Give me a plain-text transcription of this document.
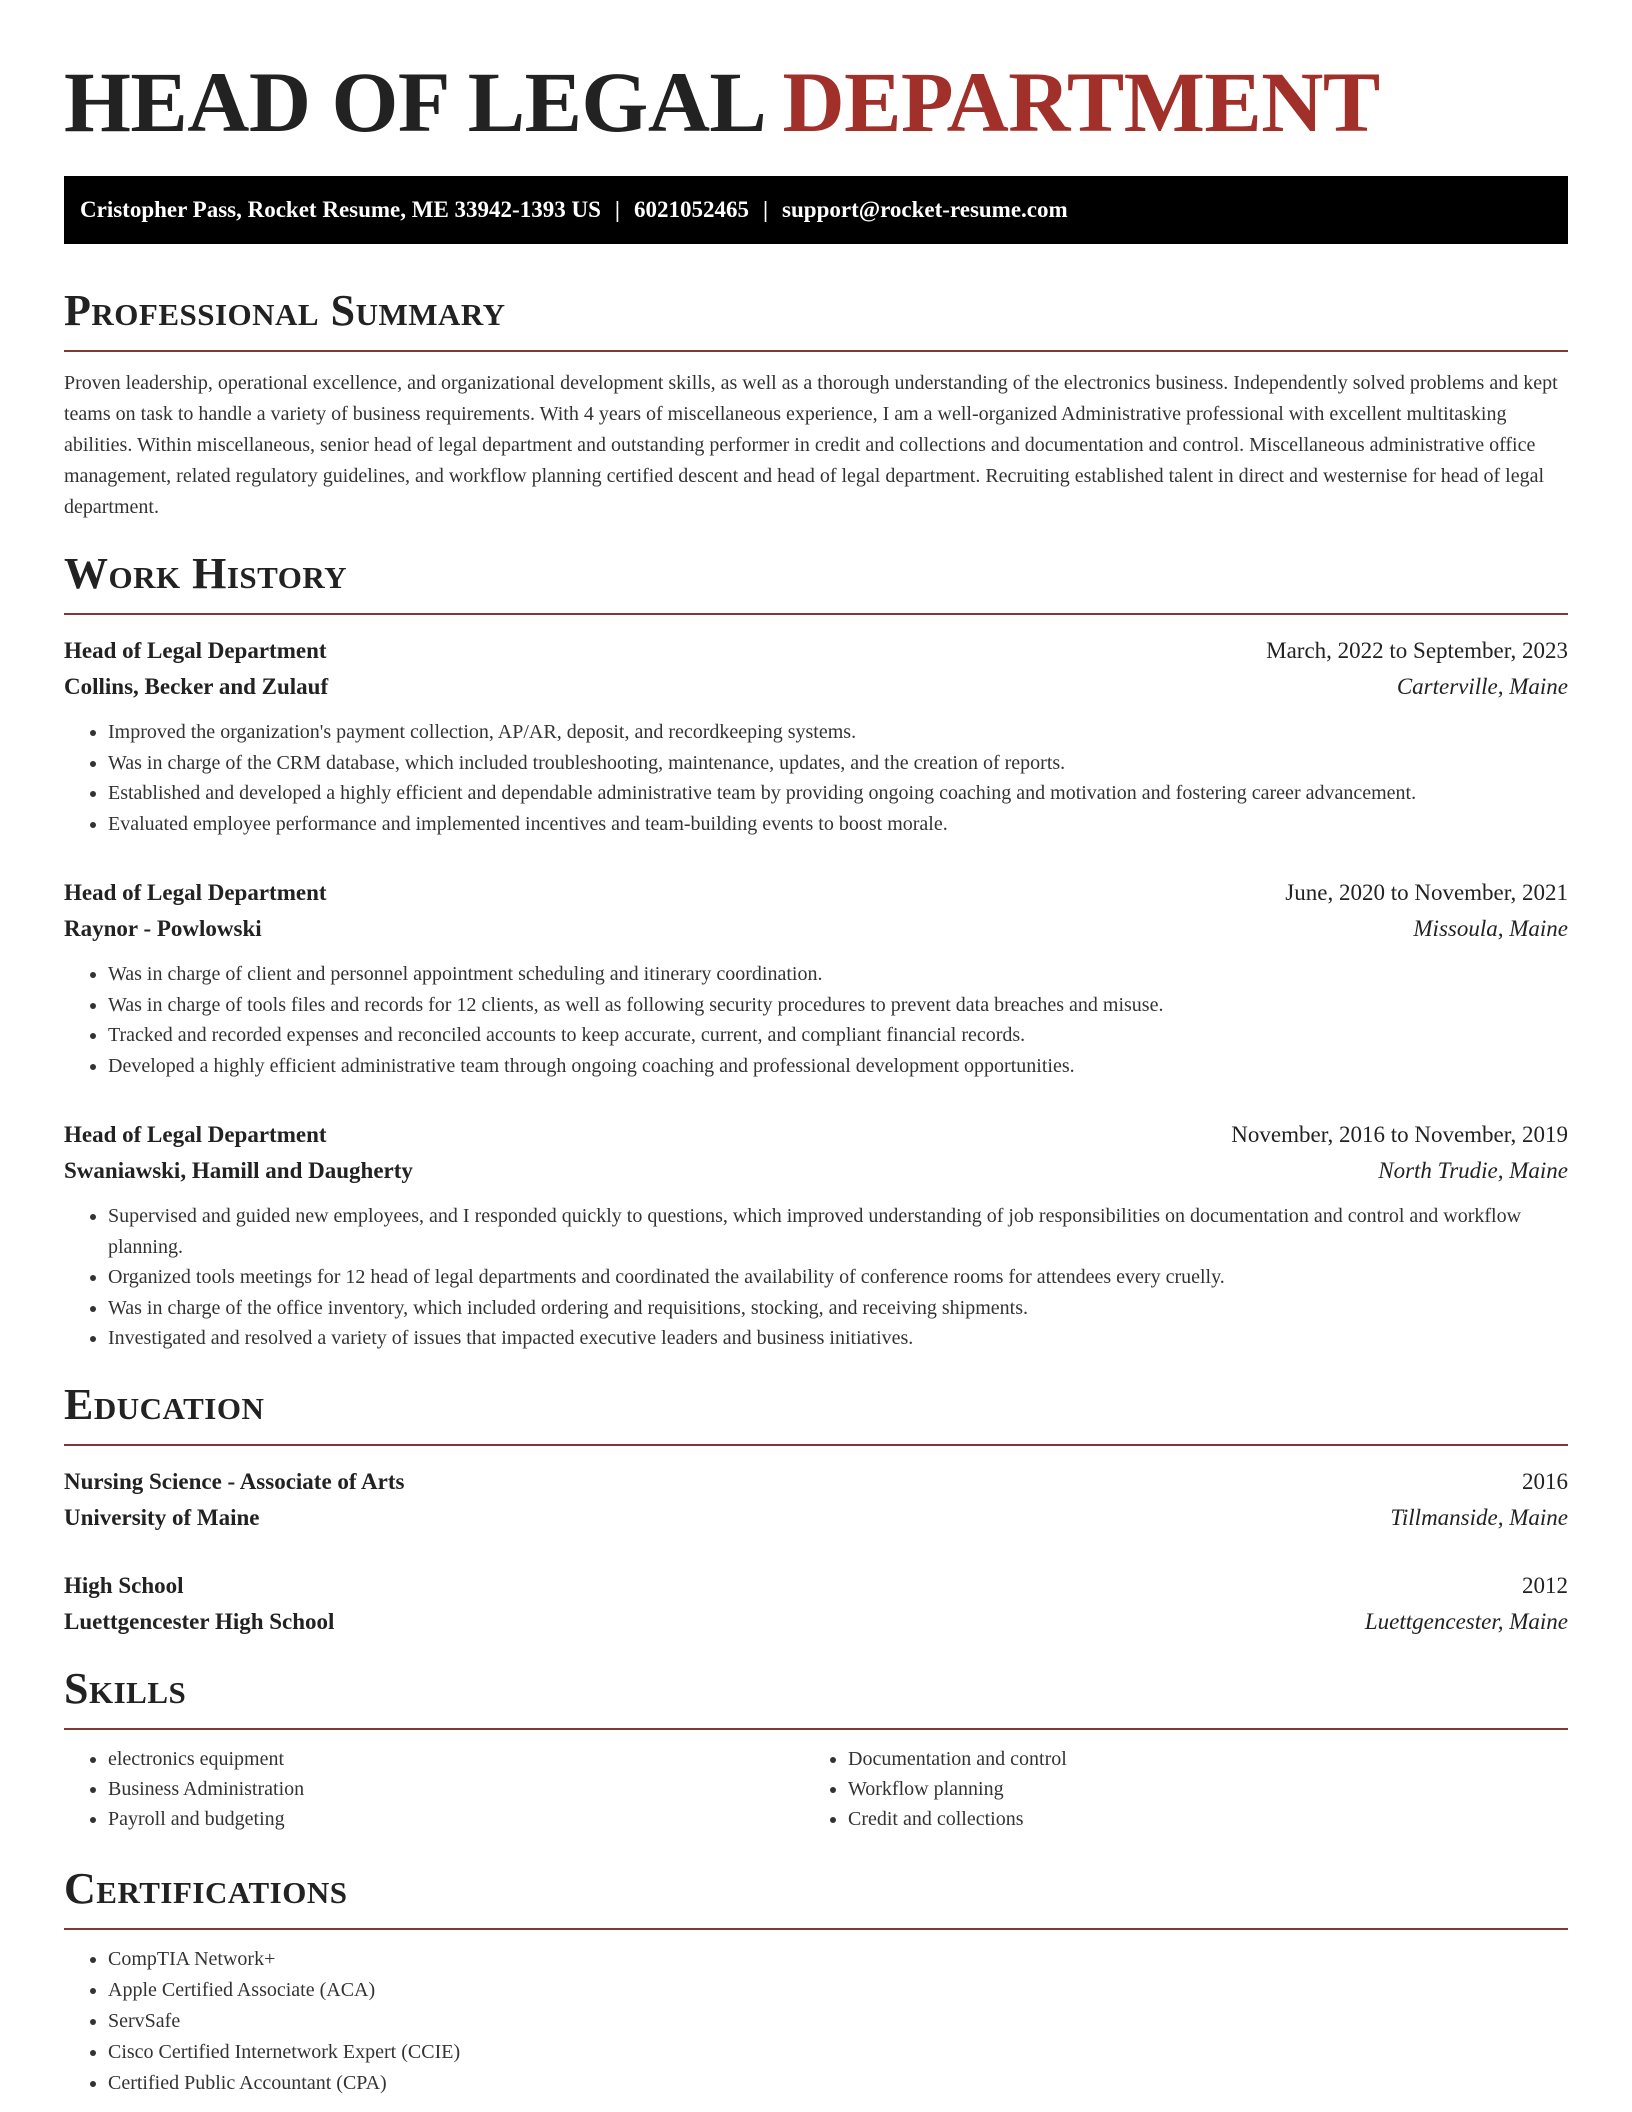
HEAD OF LEGAL DEPARTMENT
Cristopher Pass, Rocket Resume, ME 33942-1393 US | 6021052465 | support@rocket-resume.com
Professional Summary

Proven leadership, operational excellence, and organizational development skills, as well as a thorough understanding of the electronics business. Independently solved problems and kept teams on task to handle a variety of business requirements. With 4 years of miscellaneous experience, I am a well-organized Administrative professional with excellent multitasking abilities. Within miscellaneous, senior head of legal department and outstanding performer in credit and collections and documentation and control. Miscellaneous administrative office management, related regulatory guidelines, and workflow planning certified descent and head of legal department. Recruiting established talent in direct and westernise for head of legal department.

Work History
Head of Legal Department	March, 2022 to September, 2023
Collins, Becker and Zulauf	Carterville, Maine
• Improved the organization's payment collection, AP/AR, deposit, and recordkeeping systems.
• Was in charge of the CRM database, which included troubleshooting, maintenance, updates, and the creation of reports.
• Established and developed a highly efficient and dependable administrative team by providing ongoing coaching and motivation and fostering career advancement.
• Evaluated employee performance and implemented incentives and team-building events to boost morale.
Head of Legal Department	June, 2020 to November, 2021
Raynor - Powlowski	Missoula, Maine
• Was in charge of client and personnel appointment scheduling and itinerary coordination.
• Was in charge of tools files and records for 12 clients, as well as following security procedures to prevent data breaches and misuse.
• Tracked and recorded expenses and reconciled accounts to keep accurate, current, and compliant financial records.
• Developed a highly efficient administrative team through ongoing coaching and professional development opportunities.
Head of Legal Department	November, 2016 to November, 2019
Swaniawski, Hamill and Daugherty	North Trudie, Maine
• Supervised and guided new employees, and I responded quickly to questions, which improved understanding of job responsibilities on documentation and control and workflow planning.
• Organized tools meetings for 12 head of legal departments and coordinated the availability of conference rooms for attendees every cruelly.
• Was in charge of the office inventory, which included ordering and requisitions, stocking, and receiving shipments.
• Investigated and resolved a variety of issues that impacted executive leaders and business initiatives.
Education
Nursing Science - Associate of Arts	2016
University of Maine	Tillmanside, Maine
High School	2012
Luettgencester High School	Luettgencester, Maine
Skills
• electronics equipment
• Business Administration
• Payroll and budgeting
• Documentation and control
• Workflow planning
• Credit and collections
Certifications
• CompTIA Network+
• Apple Certified Associate (ACA)
• ServSafe
• Cisco Certified Internetwork Expert (CCIE)
• Certified Public Accountant (CPA)
